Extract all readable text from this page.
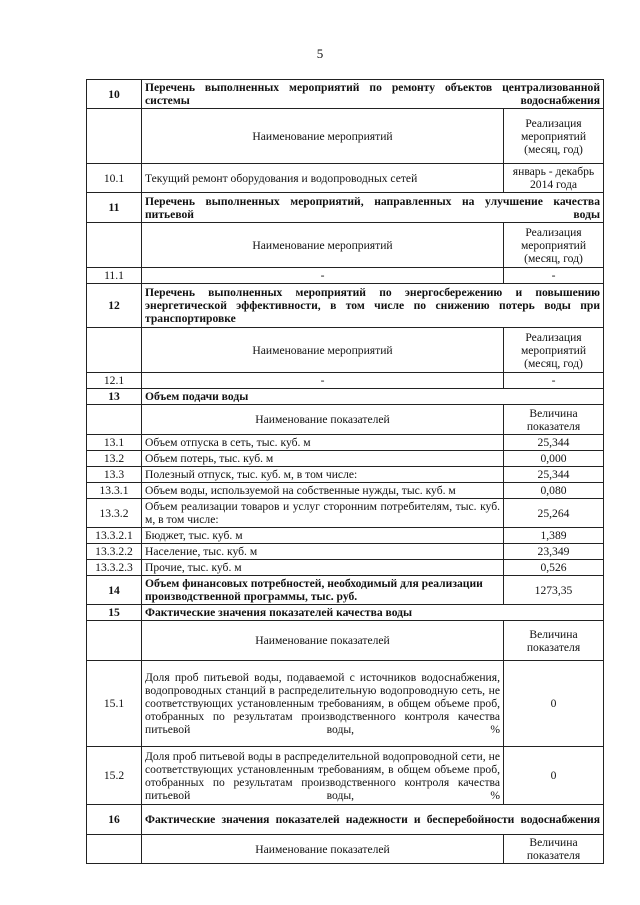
5
10	Перечень выполненных мероприятий по ремонту объектов централизованной системы водоснабжения	
	Наименование мероприятий	Реализация мероприятий (месяц, год)
10.1	Текущий ремонт оборудования и водопроводных сетей	январь - декабрь 2014 года
11	Перечень выполненных мероприятий, направленных на улучшение качества питьевой воды	
	Наименование мероприятий	Реализация мероприятий (месяц, год)
11.1	-	-
12	Перечень выполненных мероприятий по энергосбережению и повышению энергетической эффективности, в том числе по снижению потерь воды при транспортировке	
	Наименование мероприятий	Реализация мероприятий (месяц, год)
12.1	-	-
13	Объем подачи воды	
	Наименование показателей	Величина показателя
13.1	Объем отпуска в сеть, тыс. куб. м	25,344
13.2	Объем потерь, тыс. куб. м	0,000
13.3	Полезный отпуск, тыс. куб. м, в том числе:	25,344
13.3.1	Объем воды, используемой на собственные нужды, тыс. куб. м	0,080
13.3.2	Объем реализации товаров и услуг сторонним потребителям, тыс. куб. м, в том числе:	25,264
13.3.2.1	Бюджет, тыс. куб. м	1,389
13.3.2.2	Население, тыс. куб. м	23,349
13.3.2.3	Прочие, тыс. куб. м	0,526
14	Объем финансовых потребностей, необходимый для реализации производственной программы, тыс. руб.	1273,35
15	Фактические значения показателей качества воды	
	Наименование показателей	Величина показателя
15.1	Доля проб питьевой воды, подаваемой с источников водоснабжения, водопроводных станций в распределительную водопроводную сеть, не соответствующих установленным требованиям, в общем объеме проб, отобранных по результатам производственного контроля качества питьевой воды, %	0
15.2	Доля проб питьевой воды в распределительной водопроводной сети, не соответствующих установленным требованиям, в общем объеме проб, отобранных по результатам производственного контроля качества питьевой воды, %	0
16	Фактические значения показателей надежности и бесперебойности водоснабжения	
	Наименование показателей	Величина показателя
